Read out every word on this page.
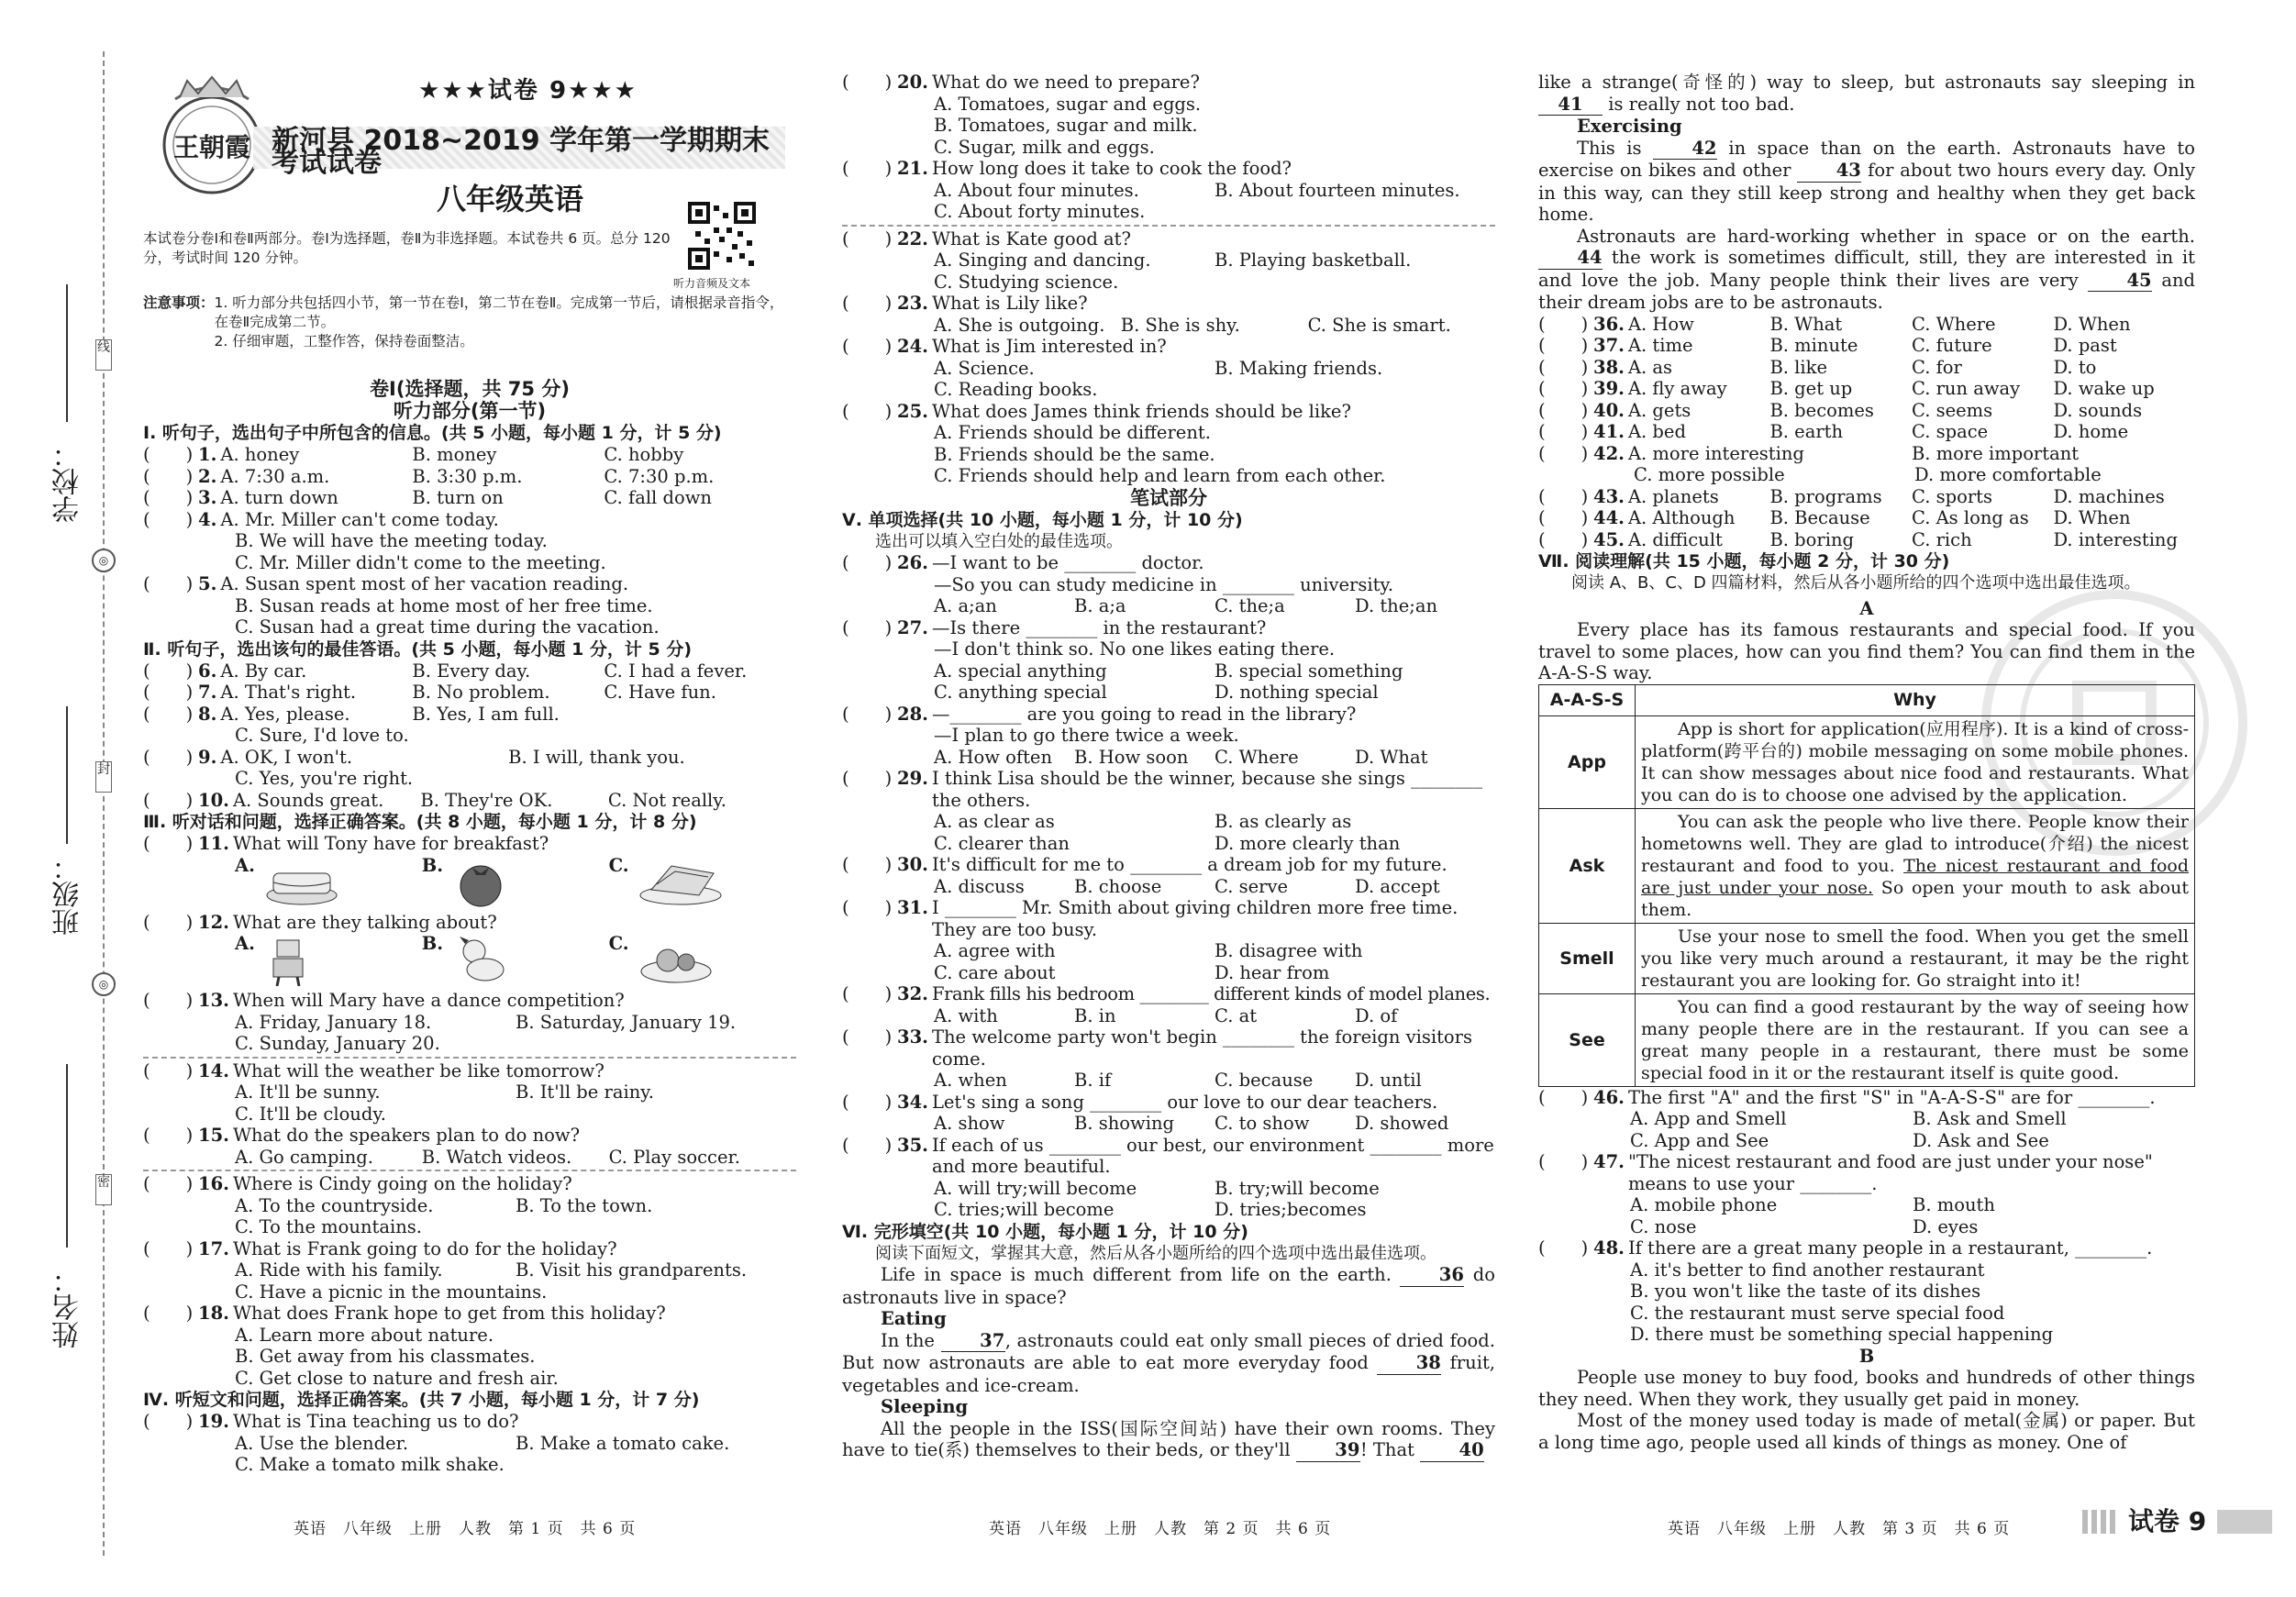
线
封
密
◎
◎
学校：
班级：
姓名：
王朝霞
★★★试卷 9★★★
新河县 2018~2019 学年第一学期期末考试试卷
八年级英语
听力音频及文本
本试卷分卷Ⅰ和卷Ⅱ两部分。卷Ⅰ为选择题，卷Ⅱ为非选择题。本试卷共 6 页。总分 120 分，考试时间 120 分钟。
注意事项： 1. 听力部分共包括四小节，第一节在卷Ⅰ，第二节在卷Ⅱ。完成第一节后，请根据录音指令，在卷Ⅱ完成第二节。
2. 仔细审题，工整作答，保持卷面整洁。
卷Ⅰ(选择题，共 75 分)
听力部分(第一节)
Ⅰ. 听句子，选出句子中所包含的信息。(共 5 小题，每小题 1 分，计 5 分)
(　　) 1. A. honey	B. money	C. hobby
(　　) 2. A. 7:30 a.m.	B. 3:30 p.m.	C. 7:30 p.m.
(　　) 3. A. turn down	B. turn on	C. fall down
(　　) 4. A. Mr. Miller can't come today.
B. We will have the meeting today.
C. Mr. Miller didn't come to the meeting.
(　　) 5. A. Susan spent most of her vacation reading.
B. Susan reads at home most of her free time.
C. Susan had a great time during the vacation.
Ⅱ. 听句子，选出该句的最佳答语。(共 5 小题，每小题 1 分，计 5 分)
(　　) 6. A. By car.	B. Every day.	C. I had a fever.
(　　) 7. A. That's right.	B. No problem.	C. Have fun.
(　　) 8. A. Yes, please.	B. Yes, I am full.
C. Sure, I'd love to.
(　　) 9. A. OK, I won't.	B. I will, thank you.
C. Yes, you're right.
(　　) 10. A. Sounds great.	B. They're OK.	C. Not really.
Ⅲ. 听对话和问题，选择正确答案。(共 8 小题，每小题 1 分，计 8 分)
(　　) 11. What will Tony have for breakfast?
A.	B.	C.
(　　) 12. What are they talking about?
A.	B.	C.
(　　) 13. When will Mary have a dance competition?
A. Friday, January 18.	B. Saturday, January 19.
C. Sunday, January 20.
(　　) 14. What will the weather be like tomorrow?
A. It'll be sunny.	B. It'll be rainy.
C. It'll be cloudy.
(　　) 15. What do the speakers plan to do now?
A. Go camping.	B. Watch videos.	C. Play soccer.
(　　) 16. Where is Cindy going on the holiday?
A. To the countryside.	B. To the town.
C. To the mountains.
(　　) 17. What is Frank going to do for the holiday?
A. Ride with his family.	B. Visit his grandparents.
C. Have a picnic in the mountains.
(　　) 18. What does Frank hope to get from this holiday?
A. Learn more about nature.
B. Get away from his classmates.
C. Get close to nature and fresh air.
Ⅳ. 听短文和问题，选择正确答案。(共 7 小题，每小题 1 分，计 7 分)
(　　) 19. What is Tina teaching us to do?
A. Use the blender.	B. Make a tomato cake.
C. Make a tomato milk shake.
(　　) 20. What do we need to prepare?
A. Tomatoes, sugar and eggs.
B. Tomatoes, sugar and milk.
C. Sugar, milk and eggs.
(　　) 21. How long does it take to cook the food?
A. About four minutes.	B. About fourteen minutes.
C. About forty minutes.
(　　) 22. What is Kate good at?
A. Singing and dancing.	B. Playing basketball.
C. Studying science.
(　　) 23. What is Lily like?
A. She is outgoing. B. She is shy.	C. She is smart.
(　　) 24. What is Jim interested in?
A. Science.	B. Making friends.
C. Reading books.
(　　) 25. What does James think friends should be like?
A. Friends should be different.
B. Friends should be the same.
C. Friends should help and learn from each other.
笔试部分
Ⅴ. 单项选择(共 10 小题，每小题 1 分，计 10 分)
选出可以填入空白处的最佳选项。
(　　) 26. —I want to be ________ doctor.
—So you can study medicine in ________ university.
A. a;an	B. a;a	C. the;a	D. the;an
(　　) 27. —Is there ________ in the restaurant?
—I don't think so. No one likes eating there.
A. special anything	B. special something
C. anything special	D. nothing special
(　　) 28. —________ are you going to read in the library?
—I plan to go there twice a week.
A. How often	B. How soon	C. Where	D. What
(　　) 29. I think Lisa should be the winner, because she sings ________ the others.
A. as clear as	B. as clearly as
C. clearer than	D. more clearly than
(　　) 30. It's difficult for me to ________ a dream job for my future.
A. discuss	B. choose	C. serve	D. accept
(　　) 31. I ________ Mr. Smith about giving children more free time. They are too busy.
A. agree with	B. disagree with
C. care about	D. hear from
(　　) 32. Frank fills his bedroom ________ different kinds of model planes.
A. with	B. in	C. at	D. of
(　　) 33. The welcome party won't begin ________ the foreign visitors come.
A. when	B. if	C. because	D. until
(　　) 34. Let's sing a song ________ our love to our dear teachers.
A. show	B. showing	C. to show	D. showed
(　　) 35. If each of us ________ our best, our environment ________ more and more beautiful.
A. will try;will become	B. try;will become
C. tries;will become	D. tries;becomes
Ⅵ. 完形填空(共 10 小题，每小题 1 分，计 10 分)
阅读下面短文，掌握其大意，然后从各小题所给的四个选项中选出最佳选项。
Life in space is much different from life on the earth.	36 do astronauts live in space?
Eating
In the	37, astronauts could eat only small pieces of dried food. But now astronauts are able to eat more everyday food	38 fruit, vegetables and ice-cream.
Sleeping
All the people in the ISS(国际空间站) have their own rooms. They have to tie(系) themselves to their beds, or they'll 39! That 40
like a strange(奇怪的) way to sleep, but astronauts say sleeping in 41 is really not too bad.
Exercising
This is	42 in space than on the earth. Astronauts have to exercise on bikes and other	43 for about two hours every day. Only in this way, can they still keep strong and healthy when they get back home.
Astronauts are hard-working whether in space or on the earth. 44 the work is sometimes difficult, still, they are interested in it and love the job. Many people think their lives are very	45 and their dream jobs are to be astronauts.
(　　) 36. A. How	B. What	C. Where	D. When
(　　) 37. A. time	B. minute	C. future	D. past
(　　) 38. A. as	B. like	C. for	D. to
(　　) 39. A. fly away	B. get up	C. run away	D. wake up
(　　) 40. A. gets	B. becomes	C. seems	D. sounds
(　　) 41. A. bed	B. earth	C. space	D. home
(　　) 42. A. more interesting	B. more important
C. more possible	D. more comfortable
(　　) 43. A. planets	B. programs	C. sports	D. machines
(　　) 44. A. Although	B. Because	C. As long as	D. When
(　　) 45. A. difficult	B. boring	C. rich	D. interesting
Ⅶ. 阅读理解(共 15 小题，每小题 2 分，计 30 分)
阅读 A、B、C、D 四篇材料，然后从各小题所给的四个选项中选出最佳选项。
A
Every place has its famous restaurants and special food. If you travel to some places, how can you find them? You can find them in the A-A-S-S way.
A-A-S-S	Why
App	App is short for application(应用程序). It is a kind of cross-platform(跨平台的) mobile messaging on some mobile phones. It can show messages about nice food and restaurants. What you can do is to choose one advised by the application.
Ask	You can ask the people who live there. People know their hometowns well. They are glad to introduce(介绍) the nicest restaurant and food to you. The nicest restaurant and food are just under your nose. So open your mouth to ask about them.
Smell	Use your nose to smell the food. When you get the smell you like very much around a restaurant, it may be the right restaurant you are looking for. Go straight into it!
See	You can find a good restaurant by the way of seeing how many people there are in the restaurant. If you can see a great many people in a restaurant, there must be some special food in it or the restaurant itself is quite good.
(　　) 46. The first "A" and the first "S" in "A-A-S-S" are for ________.
A. App and Smell	B. Ask and Smell
C. App and See	D. Ask and See
(　　) 47. "The nicest restaurant and food are just under your nose" means to use your ________.
A. mobile phone	B. mouth
C. nose	D. eyes
(　　) 48. If there are a great many people in a restaurant, ________.
A. it's better to find another restaurant
B. you won't like the taste of its dishes
C. the restaurant must serve special food
D. there must be something special happening
B
People use money to buy food, books and hundreds of other things they need. When they work, they usually get paid in money.
Most of the money used today is made of metal(金属) or paper. But a long time ago, people used all kinds of things as money. One of
英语　八年级　上册　人教　第 1 页　共 6 页	英语　八年级　上册　人教　第 2 页　共 6 页	英语　八年级　上册　人教　第 3 页　共 6 页	试卷 9
